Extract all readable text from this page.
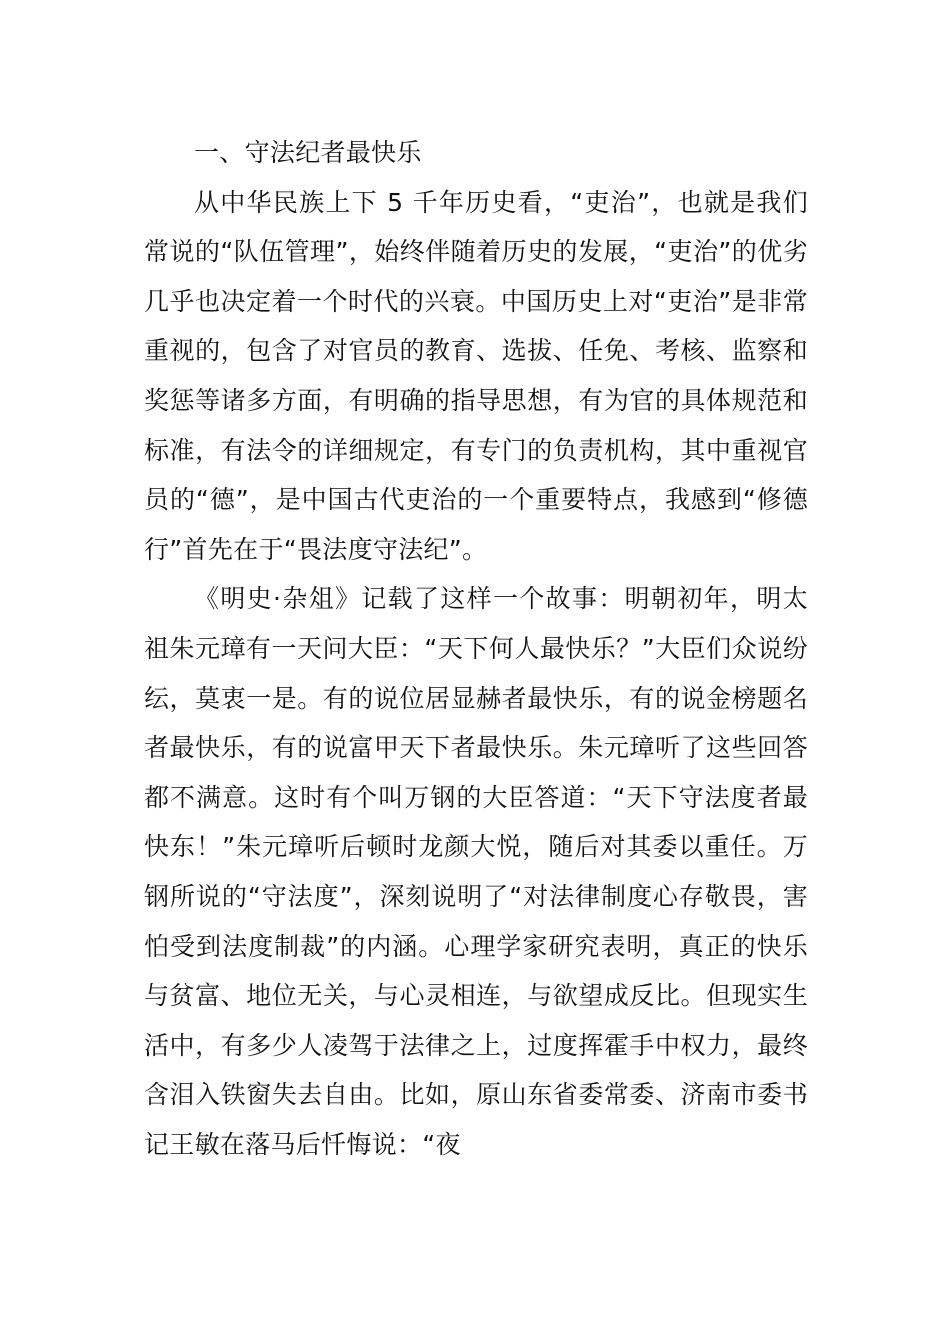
一、守法纪者最快乐

从中华民族上下 5 千年历史看，“吏治”，也就是我们常说的“队伍管理”，始终伴随着历史的发展，“吏治”的优劣几乎也决定着一个时代的兴衰。中国历史上对“吏治”是非常重视的，包含了对官员的教育、选拔、任免、考核、监察和奖惩等诸多方面，有明确的指导思想，有为官的具体规范和标准，有法令的详细规定，有专门的负责机构，其中重视官员的“德”，是中国古代吏治的一个重要特点，我感到“修德行”首先在于“畏法度守法纪”。

《明史·杂俎》记载了这样一个故事：明朝初年，明太祖朱元璋有一天问大臣：“天下何人最快乐？”大臣们众说纷纭，莫衷一是。有的说位居显赫者最快乐，有的说金榜题名者最快乐，有的说富甲天下者最快乐。朱元璋听了这些回答都不满意。这时有个叫万钢的大臣答道：“天下守法度者最快东！”朱元璋听后顿时龙颜大悦，随后对其委以重任。万钢所说的“守法度”，深刻说明了“对法律制度心存敬畏，害怕受到法度制裁”的内涵。心理学家研究表明，真正的快乐与贫富、地位无关，与心灵相连，与欲望成反比。但现实生活中，有多少人凌驾于法律之上，过度挥霍手中权力，最终含泪入铁窗失去自由。比如，原山东省委常委、济南市委书记王敏在落马后忏悔说：“夜
